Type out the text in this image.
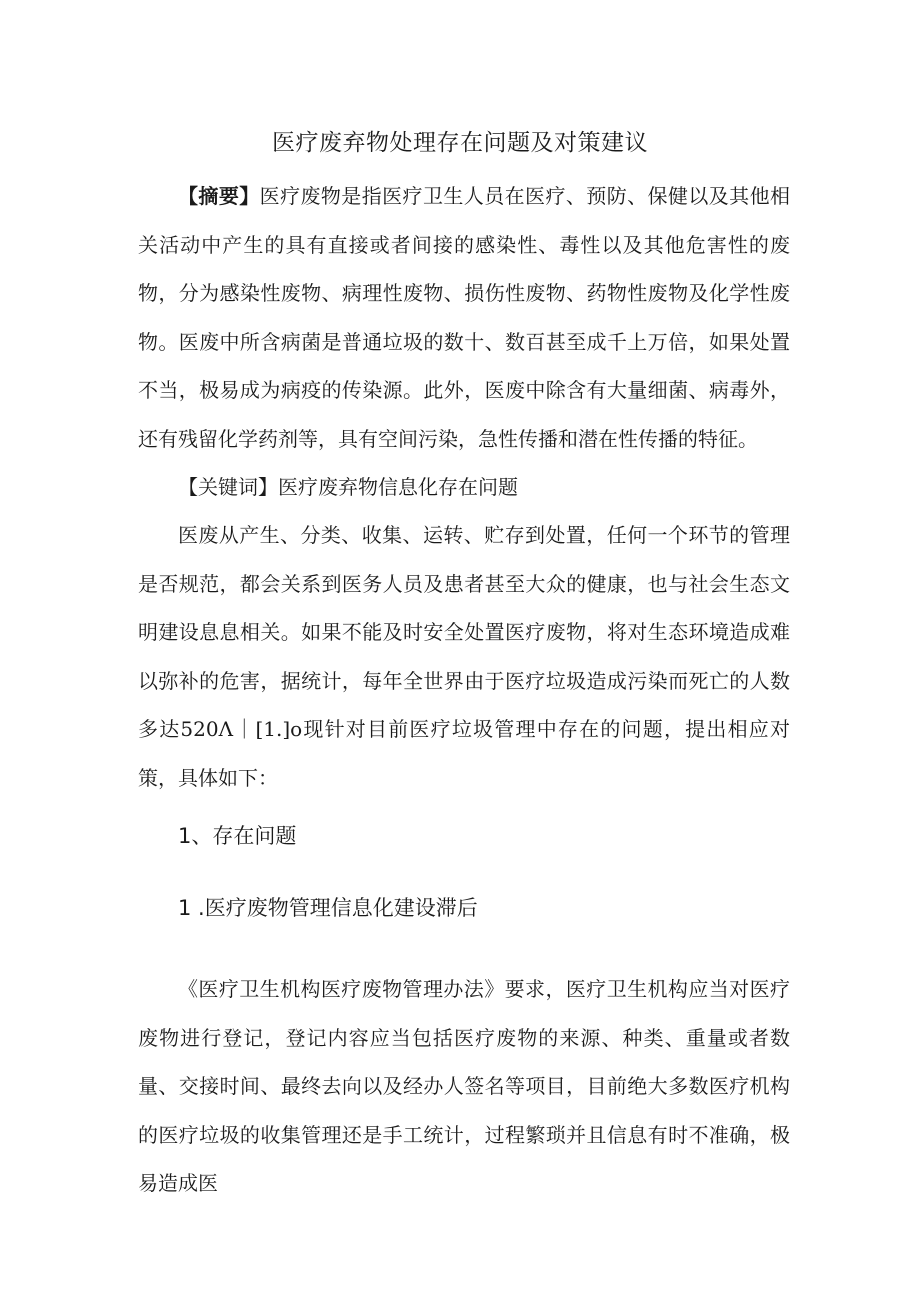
医疗废弃物处理存在问题及对策建议

【摘要】医疗废物是指医疗卫生人员在医疗、预防、保健以及其他相关活动中产生的具有直接或者间接的感染性、毒性以及其他危害性的废物，分为感染性废物、病理性废物、损伤性废物、药物性废物及化学性废物。医废中所含病菌是普通垃圾的数十、数百甚至成千上万倍，如果处置不当，极易成为病疫的传染源。此外，医废中除含有大量细菌、病毒外，还有残留化学药剂等，具有空间污染，急性传播和潜在性传播的特征。

【关键词】医疗废弃物信息化存在问题

医废从产生、分类、收集、运转、贮存到处置，任何一个环节的管理是否规范，都会关系到医务人员及患者甚至大众的健康，也与社会生态文明建设息息相关。如果不能及时安全处置医疗废物，将对生态环境造成难以弥补的危害，据统计，每年全世界由于医疗垃圾造成污染而死亡的人数多达520Λ｜[1.]o现针对目前医疗垃圾管理中存在的问题，提出相应对策，具体如下：

1、存在问题
1 .医疗废物管理信息化建设滞后

《医疗卫生机构医疗废物管理办法》要求，医疗卫生机构应当对医疗废物进行登记，登记内容应当包括医疗废物的来源、种类、重量或者数量、交接时间、最终去向以及经办人签名等项目，目前绝大多数医疗机构的医疗垃圾的收集管理还是手工统计，过程繁琐并且信息有时不准确，极易造成医
